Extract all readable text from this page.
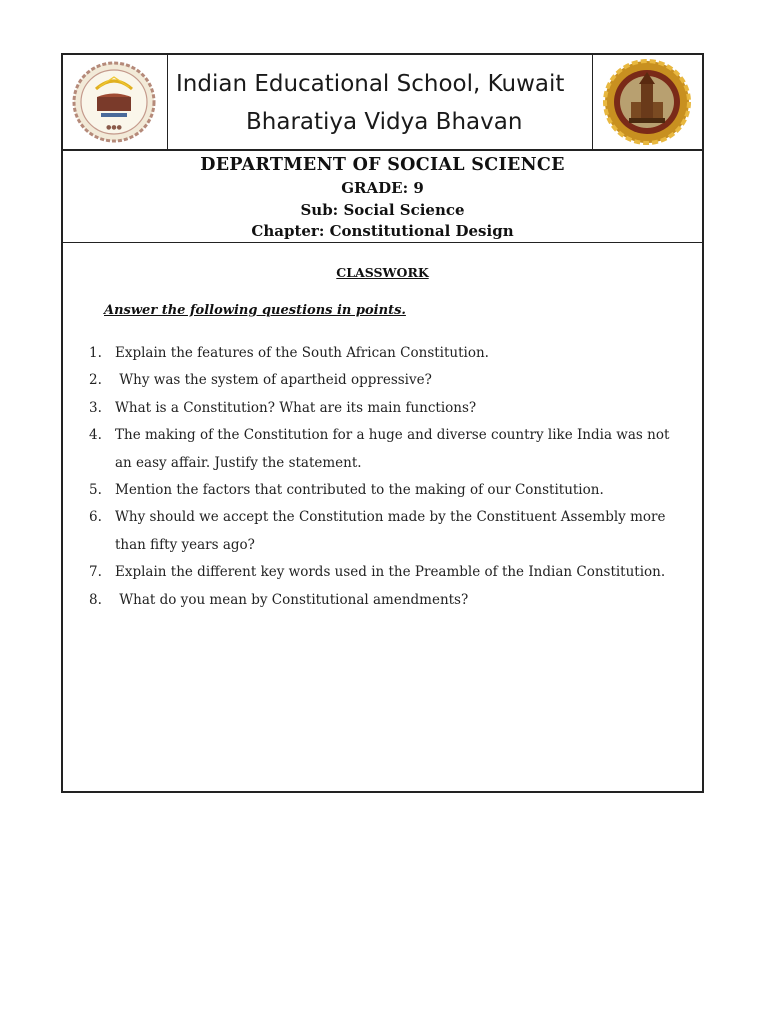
●●●
Indian Educational School, Kuwait
Bharatiya Vidya Bhavan
DEPARTMENT OF SOCIAL SCIENCE
GRADE: 9
Sub: Social Science
Chapter: Constitutional Design
CLASSWORK
Answer the following questions in points.
1. Explain the features of the South African Constitution.
2. Why was the system of apartheid oppressive?
3. What is a Constitution? What are its main functions?
4. The making of the Constitution for a huge and diverse country like India was not an easy affair. Justify the statement.
5. Mention the factors that contributed to the making of our Constitution.
6. Why should we accept the Constitution made by the Constituent Assembly more than fifty years ago?
7. Explain the different key words used in the Preamble of the Indian Constitution.
8. What do you mean by Constitutional amendments?
